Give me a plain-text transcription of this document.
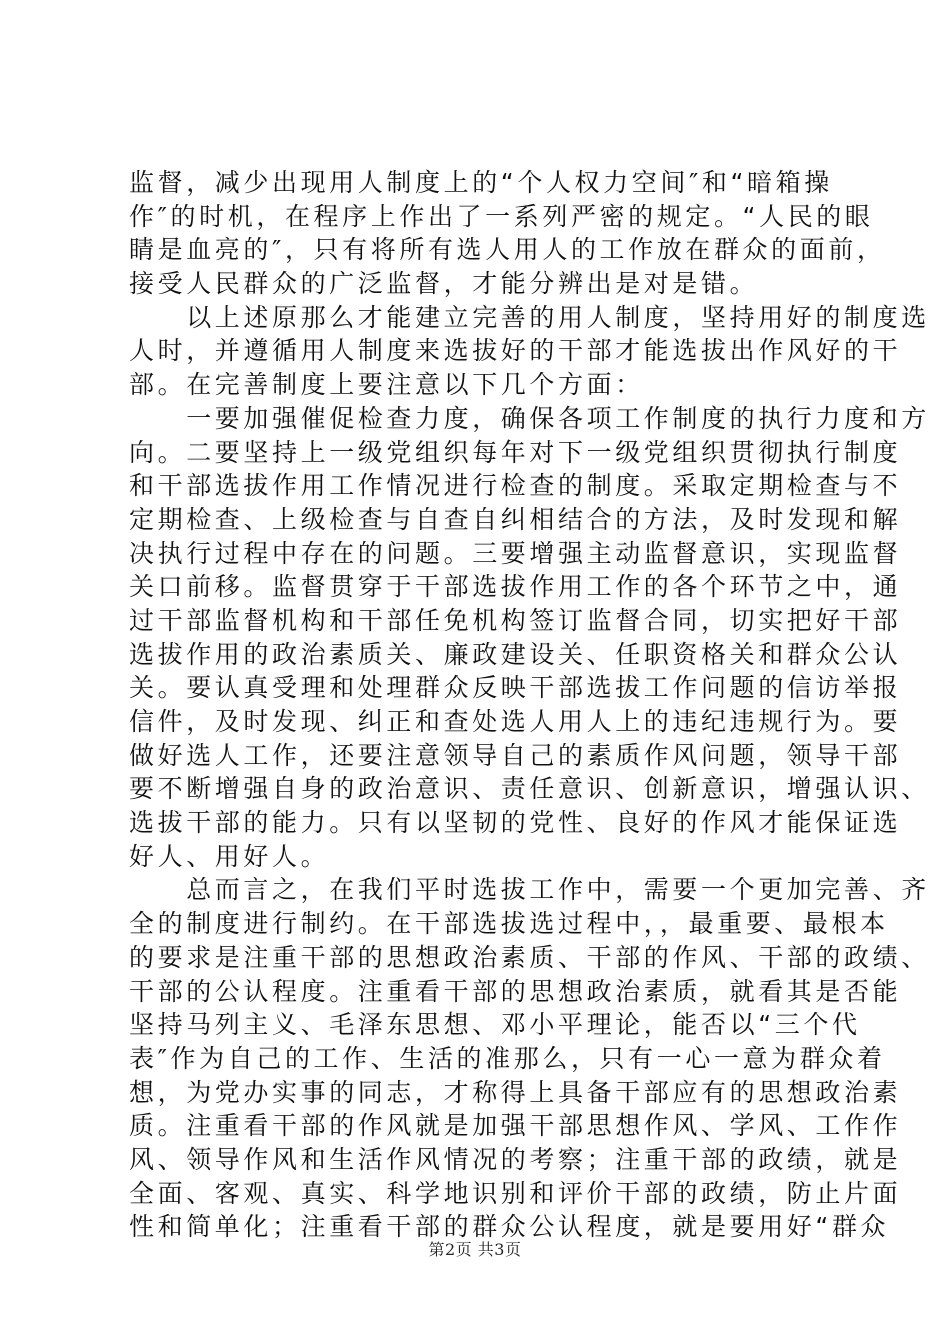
监督，减少出现用人制度上的“个人权力空间″和“暗箱操
作″的时机，在程序上作出了一系列严密的规定。“人民的眼
睛是血亮的″，只有将所有选人用人的工作放在群众的面前，
接受人民群众的广泛监督，才能分辨出是对是错。
　　以上述原那么才能建立完善的用人制度，坚持用好的制度选
人时，并遵循用人制度来选拔好的干部才能选拔出作风好的干
部。在完善制度上要注意以下几个方面：
　　一要加强催促检查力度，确保各项工作制度的执行力度和方
向。二要坚持上一级党组织每年对下一级党组织贯彻执行制度
和干部选拔作用工作情况进行检查的制度。采取定期检查与不
定期检查、上级检查与自查自纠相结合的方法，及时发现和解
决执行过程中存在的问题。三要增强主动监督意识，实现监督
关口前移。监督贯穿于干部选拔作用工作的各个环节之中，通
过干部监督机构和干部任免机构签订监督合同，切实把好干部
选拔作用的政治素质关、廉政建设关、任职资格关和群众公认
关。要认真受理和处理群众反映干部选拔工作问题的信访举报
信件，及时发现、纠正和查处选人用人上的违纪违规行为。要
做好选人工作，还要注意领导自己的素质作风问题，领导干部
要不断增强自身的政治意识、责任意识、创新意识，增强认识、
选拔干部的能力。只有以坚韧的党性、良好的作风才能保证选
好人、用好人。
　　总而言之，在我们平时选拔工作中，需要一个更加完善、齐
全的制度进行制约。在干部选拔选过程中，，最重要、最根本
的要求是注重干部的思想政治素质、干部的作风、干部的政绩、
干部的公认程度。注重看干部的思想政治素质，就看其是否能
坚持马列主义、毛泽东思想、邓小平理论，能否以“三个代
表″作为自己的工作、生活的准那么，只有一心一意为群众着
想，为党办实事的同志，才称得上具备干部应有的思想政治素
质。注重看干部的作风就是加强干部思想作风、学风、工作作
风、领导作风和生活作风情况的考察；注重干部的政绩，就是
全面、客观、真实、科学地识别和评价干部的政绩，防止片面
性和简单化；注重看干部的群众公认程度，就是要用好“群众
第2页 共3页
